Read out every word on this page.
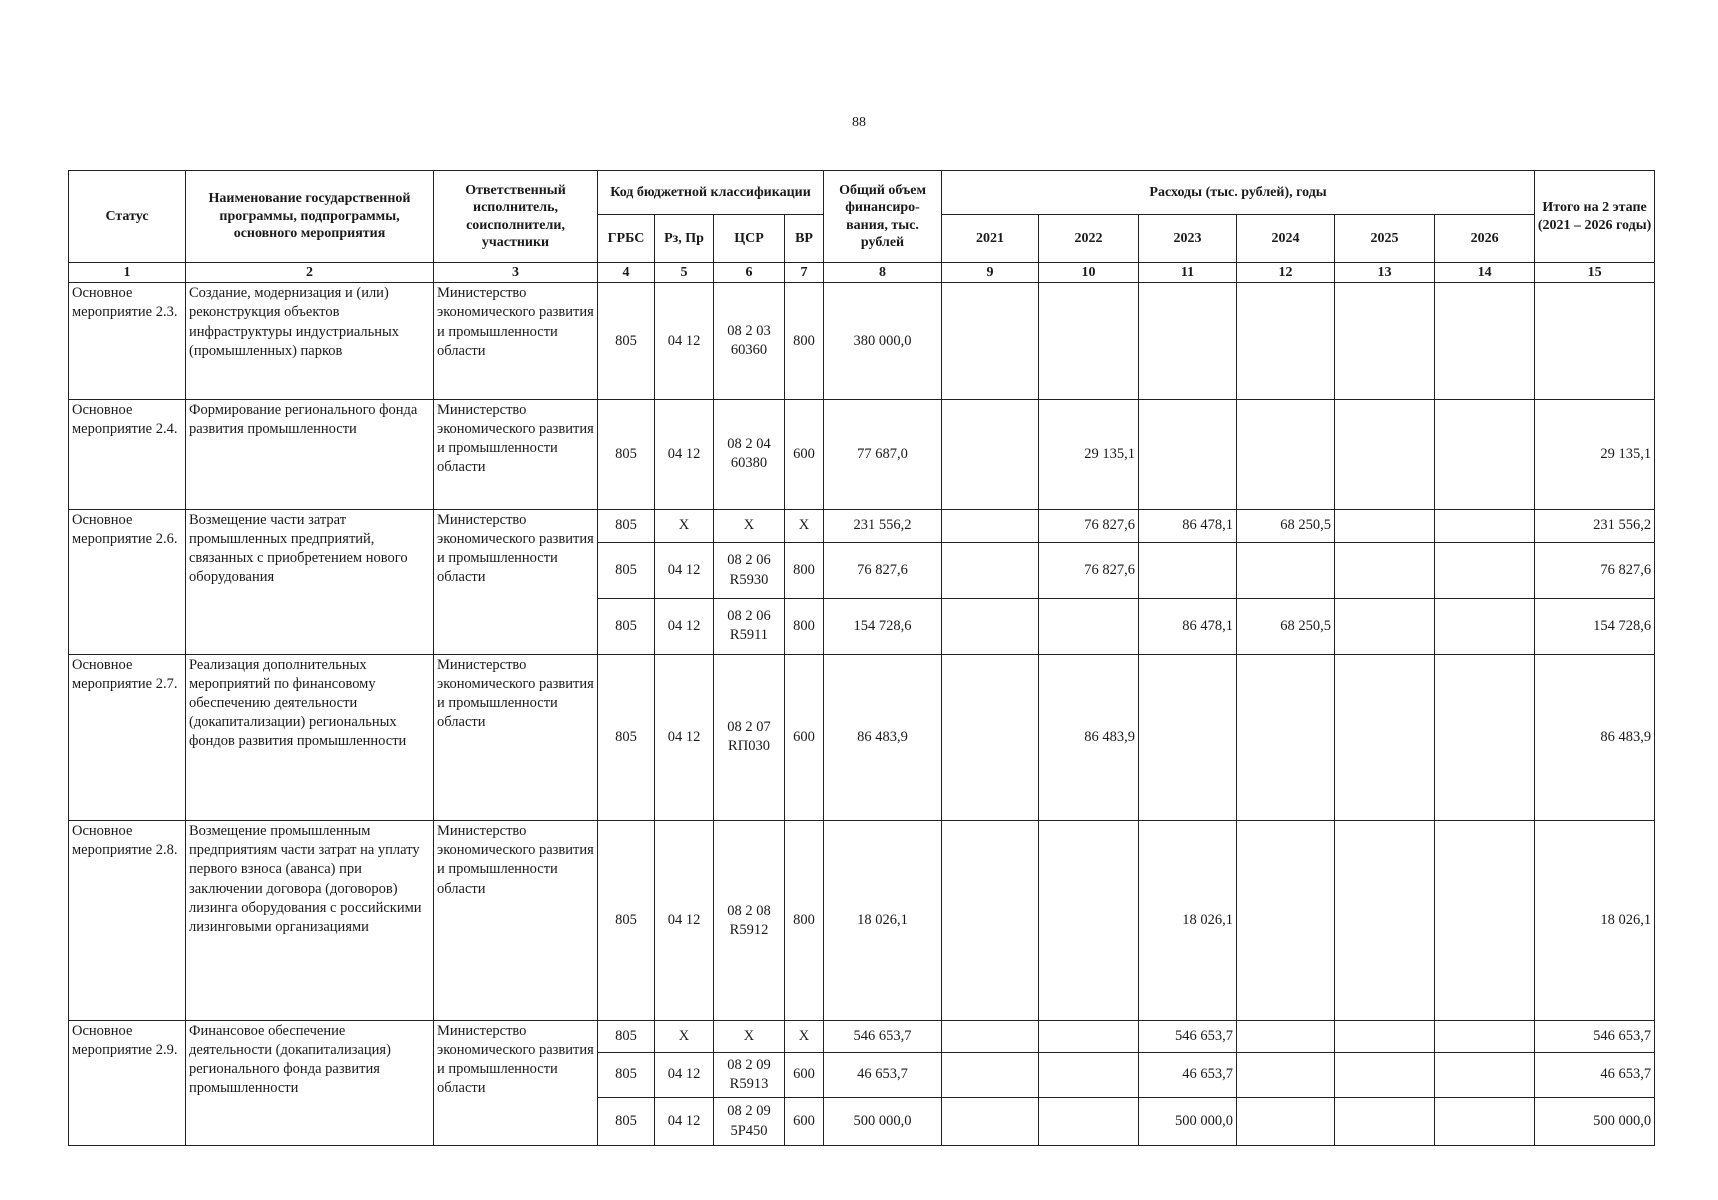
88
Статус	Наименование государственной программы, подпрограммы, основного мероприятия	Ответственный исполнитель, соисполнители, участники	Код бюджетной классификации				Общий объем финансиро-вания, тыс. рублей	Расходы (тыс. рублей), годы						Итого на 2 этапе (2021 – 2026 годы)
			ГРБС	Рз, Пр	ЦСР	ВР		2021	2022	2023	2024	2025	2026	
1	2	3	4	5	6	7	8	9	10	11	12	13	14	15
Основное мероприятие 2.3.	Создание, модернизация и (или) реконструкция объектов инфраструктуры индустриальных (промышленных) парков	Министерство экономического развития и промышленности области	805	04 12	08 2 03 60360	800	380 000,0							
Основное мероприятие 2.4.	Формирование регионального фонда развития промышленности	Министерство экономического развития и промышленности области	805	04 12	08 2 04 60380	600	77 687,0		29 135,1					29 135,1
Основное мероприятие 2.6.	Возмещение части затрат промышленных предприятий, связанных с приобретением нового оборудования	Министерство экономического развития и промышленности области	805	Х	Х	Х	231 556,2		76 827,6	86 478,1	68 250,5			231 556,2
			805	04 12	08 2 06 R5930	800	76 827,6		76 827,6					76 827,6
			805	04 12	08 2 06 R5911	800	154 728,6			86 478,1	68 250,5			154 728,6
Основное мероприятие 2.7.	Реализация дополнительных мероприятий по финансовому обеспечению деятельности (докапитализации) региональных фондов развития промышленности	Министерство экономического развития и промышленности области	805	04 12	08 2 07 RП030	600	86 483,9		86 483,9					86 483,9
Основное мероприятие 2.8.	Возмещение промышленным предприятиям части затрат на уплату первого взноса (аванса) при заключении договора (договоров) лизинга оборудования с российскими лизинговыми организациями	Министерство экономического развития и промышленности области	805	04 12	08 2 08 R5912	800	18 026,1			18 026,1				18 026,1
Основное мероприятие 2.9.	Финансовое обеспечение деятельности (докапитализация) регионального фонда развития промышленности	Министерство экономического развития и промышленности области	805	Х	Х	Х	546 653,7			546 653,7				546 653,7
			805	04 12	08 2 09 R5913	600	46 653,7			46 653,7				46 653,7
			805	04 12	08 2 09 5P450	600	500 000,0			500 000,0				500 000,0
